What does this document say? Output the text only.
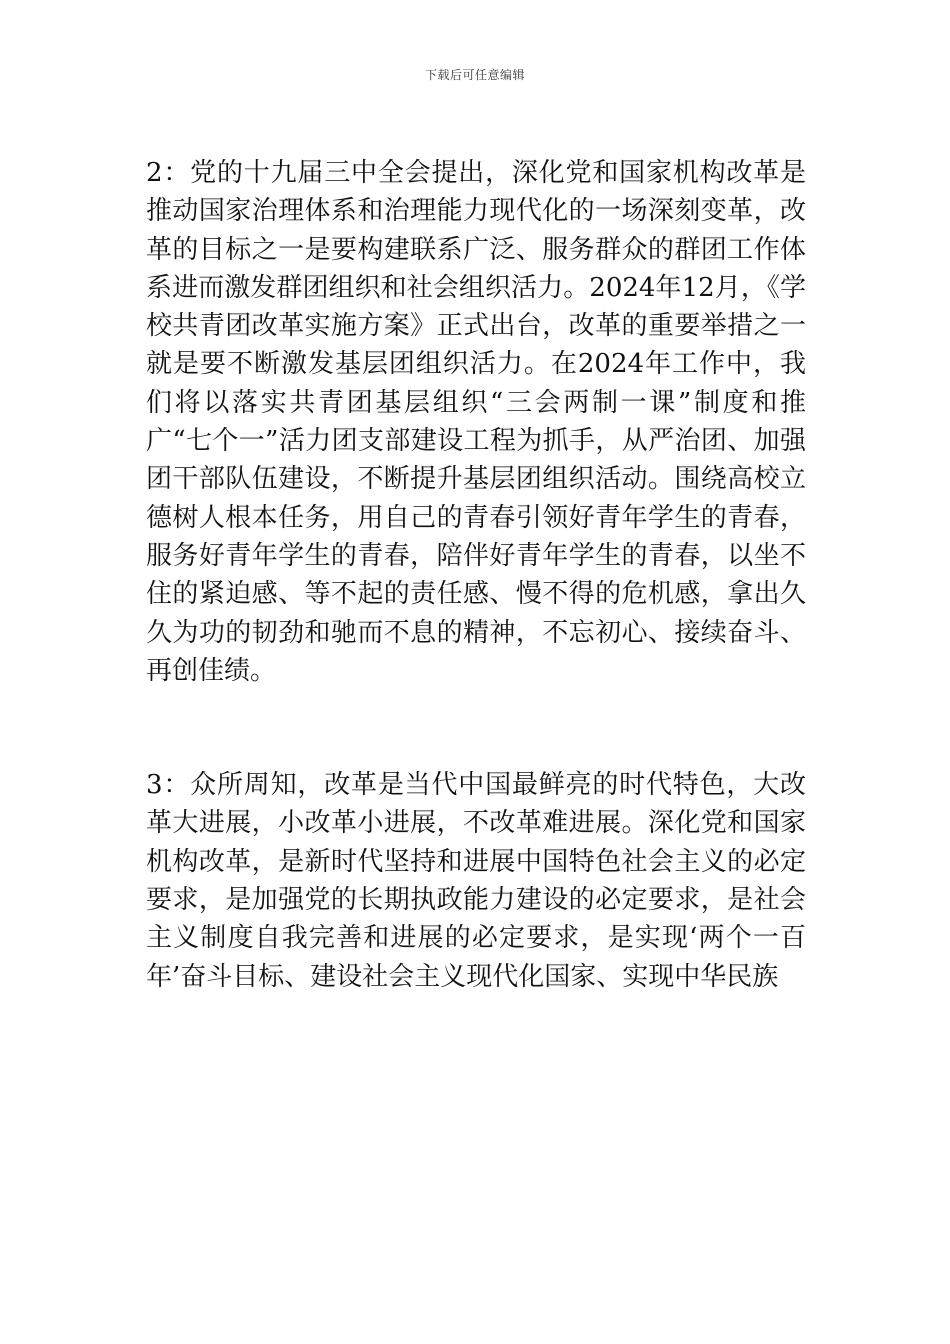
下载后可任意编辑

2：党的十九届三中全会提出，深化党和国家机构改革是推动国家治理体系和治理能力现代化的一场深刻变革，改革的目标之一是要构建联系广泛、服务群众的群团工作体系进而激发群团组织和社会组织活力。2024年12月，《学校共青团改革实施方案》正式出台，改革的重要举措之一就是要不断激发基层团组织活力。在2024年工作中，我们将以落实共青团基层组织“三会两制一课”制度和推广“七个一”活力团支部建设工程为抓手，从严治团、加强团干部队伍建设，不断提升基层团组织活动。围绕高校立德树人根本任务，用自己的青春引领好青年学生的青春，服务好青年学生的青春，陪伴好青年学生的青春，以坐不住的紧迫感、等不起的责任感、慢不得的危机感，拿出久久为功的韧劲和驰而不息的精神，不忘初心、接续奋斗、再创佳绩。

3：众所周知，改革是当代中国最鲜亮的时代特色，大改革大进展，小改革小进展，不改革难进展。深化党和国家机构改革，是新时代坚持和进展中国特色社会主义的必定要求，是加强党的长期执政能力建设的必定要求，是社会主义制度自我完善和进展的必定要求，是实现‘两个一百年’奋斗目标、建设社会主义现代化国家、实现中华民族
